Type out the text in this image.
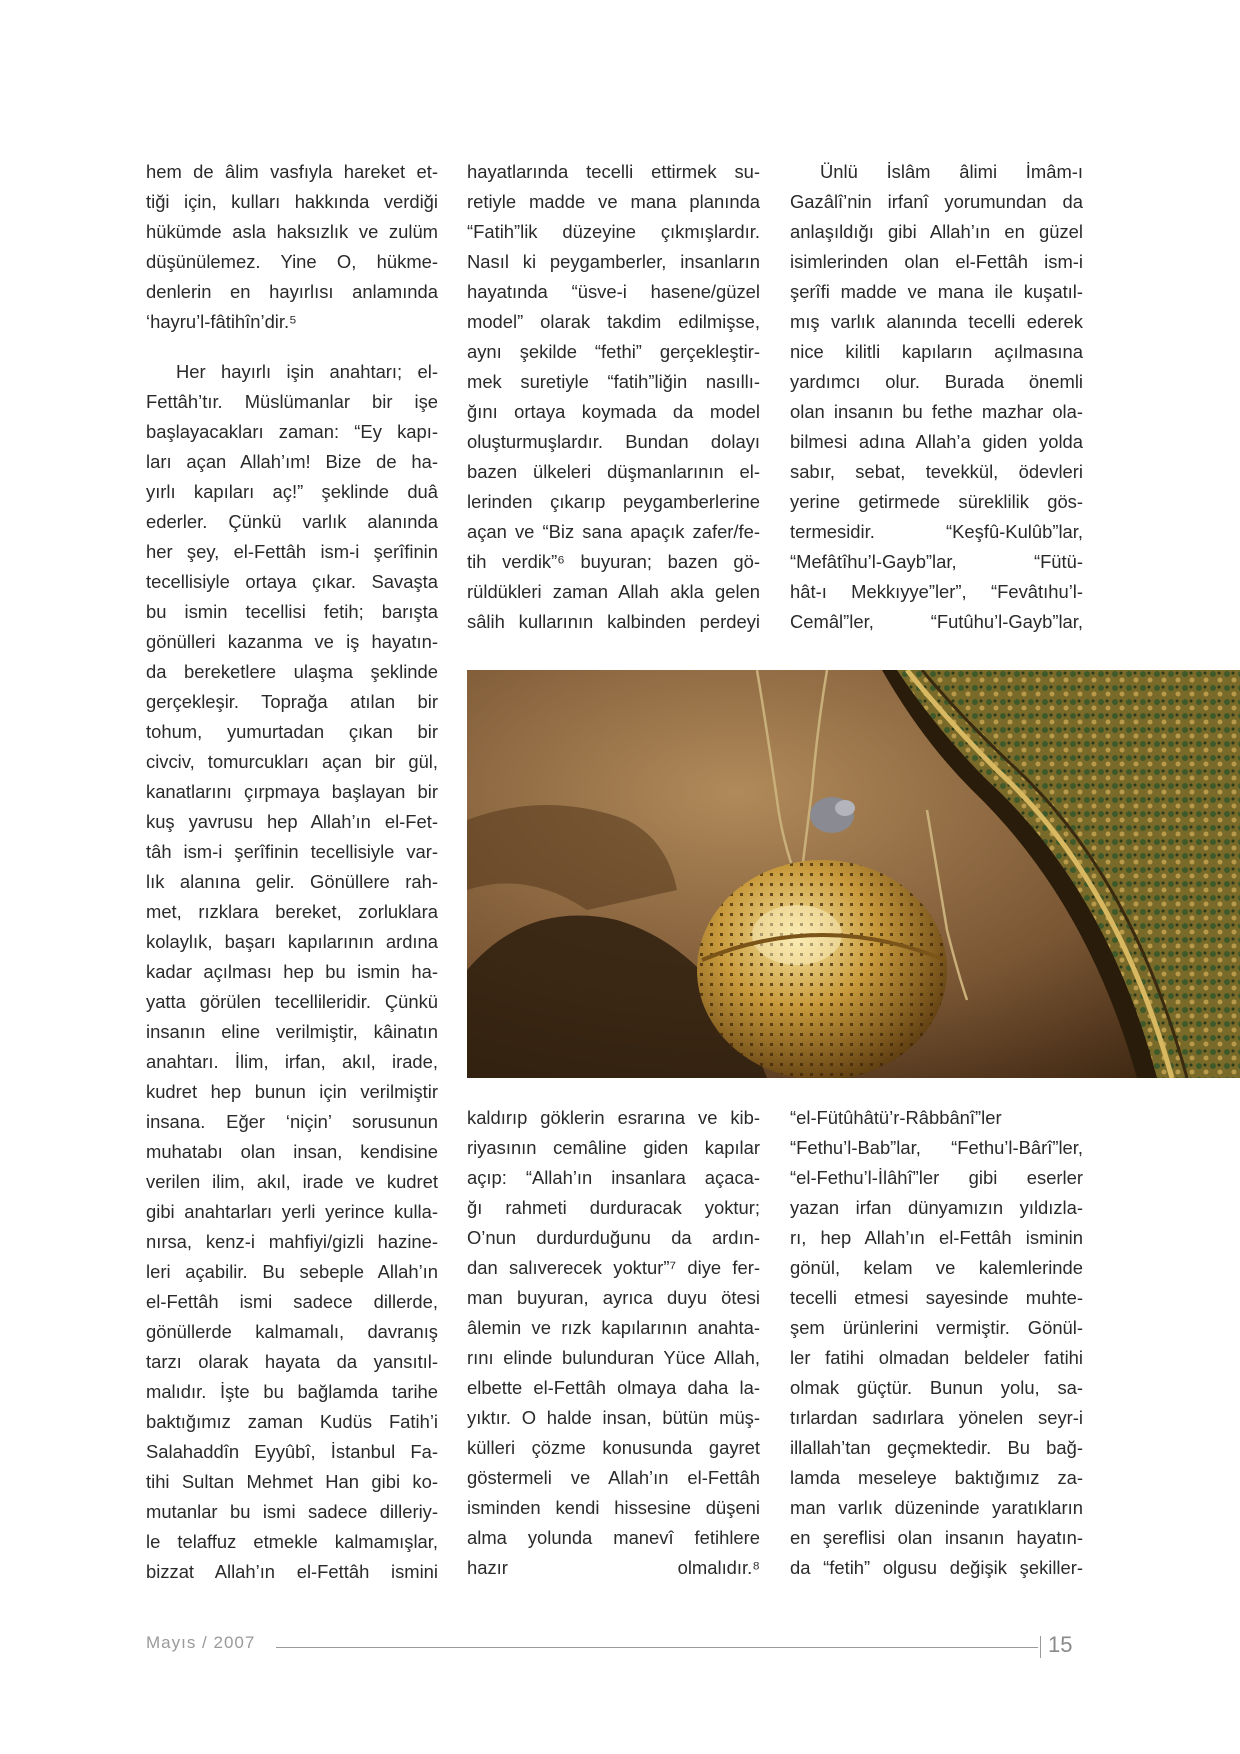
hem de âlim vasfıyla hareket et-
tiği için, kulları hakkında verdiği
hükümde asla haksızlık ve zulüm
düşünülemez. Yine O, hükme-
denlerin en hayırlısı anlamında
‘hayru’l-fâtihîn’dir.⁵
Her hayırlı işin anahtarı; el-
Fettâh’tır. Müslümanlar bir işe
başlayacakları zaman: “Ey kapı-
ları açan Allah’ım! Bize de ha-
yırlı kapıları aç!” şeklinde duâ
ederler. Çünkü varlık alanında
her şey, el-Fettâh ism-i şerîfinin
tecellisiyle ortaya çıkar. Savaşta
bu ismin tecellisi fetih; barışta
gönülleri kazanma ve iş hayatın-
da bereketlere ulaşma şeklinde
gerçekleşir. Toprağa atılan bir
tohum, yumurtadan çıkan bir
civciv, tomurcukları açan bir gül,
kanatlarını çırpmaya başlayan bir
kuş yavrusu hep Allah’ın el-Fet-
tâh ism-i şerîfinin tecellisiyle var-
lık alanına gelir. Gönüllere rah-
met, rızklara bereket, zorluklara
kolaylık, başarı kapılarının ardına
kadar açılması hep bu ismin ha-
yatta görülen tecellileridir. Çünkü
insanın eline verilmiştir, kâinatın
anahtarı. İlim, irfan, akıl, irade,
kudret hep bunun için verilmiştir
insana. Eğer ‘niçin’ sorusunun
muhatabı olan insan, kendisine
verilen ilim, akıl, irade ve kudret
gibi anahtarları yerli yerince kulla-
nırsa, kenz-i mahfiyi/gizli hazine-
leri açabilir. Bu sebeple Allah’ın
el-Fettâh ismi sadece dillerde,
gönüllerde kalmamalı, davranış
tarzı olarak hayata da yansıtıl-
malıdır. İşte bu bağlamda tarihe
baktığımız zaman Kudüs Fatih’i
Salahaddîn Eyyûbî, İstanbul Fa-
tihi Sultan Mehmet Han gibi ko-
mutanlar bu ismi sadece dilleriy-
le telaffuz etmekle kalmamışlar,
bizzat Allah’ın el-Fettâh ismini
hayatlarında tecelli ettirmek su-
retiyle madde ve mana planında
“Fatih”lik düzeyine çıkmışlardır.
Nasıl ki peygamberler, insanların
hayatında “üsve-i hasene/güzel
model” olarak takdim edilmişse,
aynı şekilde “fethi” gerçekleştir-
mek suretiyle “fatih”liğin nasıllı-
ğını ortaya koymada da model
oluşturmuşlardır. Bundan dolayı
bazen ülkeleri düşmanlarının el-
lerinden çıkarıp peygamberlerine
açan ve “Biz sana apaçık zafer/fe-
tih verdik”⁶ buyuran; bazen gö-
rüldükleri zaman Allah akla gelen
sâlih kullarının kalbinden perdeyi
Ünlü İslâm âlimi İmâm-ı
Gazâlî’nin irfanî yorumundan da
anlaşıldığı gibi Allah’ın en güzel
isimlerinden olan el-Fettâh ism-i
şerîfi madde ve mana ile kuşatıl-
mış varlık alanında tecelli ederek
nice kilitli kapıların açılmasına
yardımcı olur. Burada önemli
olan insanın bu fethe mazhar ola-
bilmesi adına Allah’a giden yolda
sabır, sebat, tevekkül, ödevleri
yerine getirmede süreklilik gös-
termesidir. “Keşfû-Kulûb”lar,
“Mefâtîhu’l-Gayb”lar, “Fütü-
hât-ı Mekkıyye”ler”, “Fevâtıhu’l-
Cemâl”ler, “Futûhu’l-Gayb”lar,
kaldırıp göklerin esrarına ve kib-
riyasının cemâline giden kapılar
açıp: “Allah’ın insanlara açaca-
ğı rahmeti durduracak yoktur;
O’nun durdurduğunu da ardın-
dan salıverecek yoktur”⁷ diye fer-
man buyuran, ayrıca duyu ötesi
âlemin ve rızk kapılarının anahta-
rını elinde bulunduran Yüce Allah,
elbette el-Fettâh olmaya daha la-
yıktır. O halde insan, bütün müş-
külleri çözme konusunda gayret
göstermeli ve Allah’ın el-Fettâh
isminden kendi hissesine düşeni
alma yolunda manevî fetihlere
hazır olmalıdır.⁸
“el-Fütûhâtü’r-Râbbânî”ler
“Fethu’l-Bab”lar, “Fethu’l-Bârî”ler,
“el-Fethu’l-İlâhî”ler gibi eserler
yazan irfan dünyamızın yıldızla-
rı, hep Allah’ın el-Fettâh isminin
gönül, kelam ve kalemlerinde
tecelli etmesi sayesinde muhte-
şem ürünlerini vermiştir. Gönül-
ler fatihi olmadan beldeler fatihi
olmak güçtür. Bunun yolu, sa-
tırlardan sadırlara yönelen seyr-i
illallah’tan geçmektedir. Bu bağ-
lamda meseleye baktığımız za-
man varlık düzeninde yaratıkların
en şereflisi olan insanın hayatın-
da “fetih” olgusu değişik şekiller-
Mayıs / 2007	15
